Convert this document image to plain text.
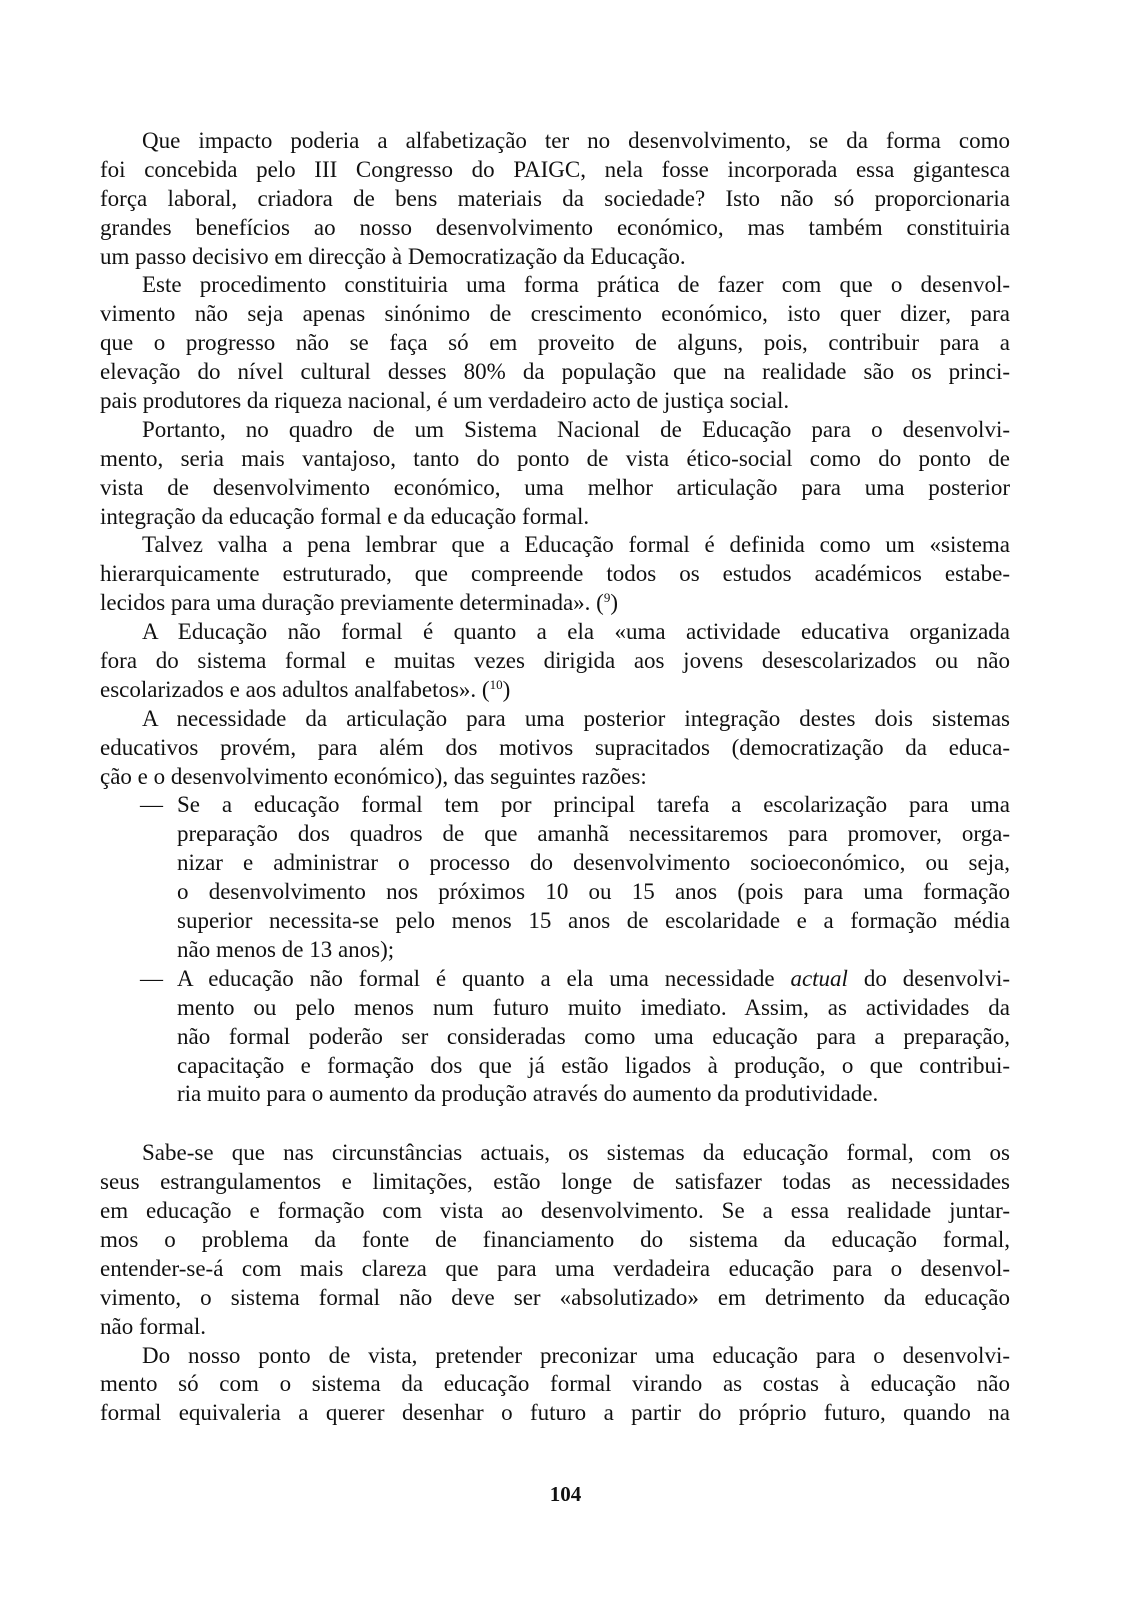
Que impacto poderia a alfabetização ter no desenvolvimento, se da forma como
foi concebida pelo III Congresso do PAIGC, nela fosse incorporada essa gigantesca
força laboral, criadora de bens materiais da sociedade? Isto não só proporcionaria
grandes benefícios ao nosso desenvolvimento económico, mas também constituiria
um passo decisivo em direcção à Democratização da Educação.
Este procedimento constituiria uma forma prática de fazer com que o desenvol-
vimento não seja apenas sinónimo de crescimento económico, isto quer dizer, para
que o progresso não se faça só em proveito de alguns, pois, contribuir para a
elevação do nível cultural desses 80% da população que na realidade são os princi-
pais produtores da riqueza nacional, é um verdadeiro acto de justiça social.
Portanto, no quadro de um Sistema Nacional de Educação para o desenvolvi-
mento, seria mais vantajoso, tanto do ponto de vista ético-social como do ponto de
vista de desenvolvimento económico, uma melhor articulação para uma posterior
integração da educação formal e da educação formal.
Talvez valha a pena lembrar que a Educação formal é definida como um «sistema
hierarquicamente estruturado, que compreende todos os estudos académicos estabe-
lecidos para uma duração previamente determinada». ($^9$)
A Educação não formal é quanto a ela «uma actividade educativa organizada
fora do sistema formal e muitas vezes dirigida aos jovens desescolarizados ou não
escolarizados e aos adultos analfabetos». ($^{10}$)
A necessidade da articulação para uma posterior integração destes dois sistemas
educativos provém, para além dos motivos supracitados (democratização da educa-
ção e o desenvolvimento económico), das seguintes razões:
— Se a educação formal tem por principal tarefa a escolarização para uma
preparação dos quadros de que amanhã necessitaremos para promover, orga-
nizar e administrar o processo do desenvolvimento socioeconómico, ou seja,
o desenvolvimento nos próximos 10 ou 15 anos (pois para uma formação
superior necessita-se pelo menos 15 anos de escolaridade e a formação média
não menos de 13 anos);
— A educação não formal é quanto a ela uma necessidade actual do desenvolvi-
mento ou pelo menos num futuro muito imediato. Assim, as actividades da
não formal poderão ser consideradas como uma educação para a preparação,
capacitação e formação dos que já estão ligados à produção, o que contribui-
ria muito para o aumento da produção através do aumento da produtividade.
Sabe-se que nas circunstâncias actuais, os sistemas da educação formal, com os
seus estrangulamentos e limitações, estão longe de satisfazer todas as necessidades
em educação e formação com vista ao desenvolvimento. Se a essa realidade juntar-
mos o problema da fonte de financiamento do sistema da educação formal,
entender-se-á com mais clareza que para uma verdadeira educação para o desenvol-
vimento, o sistema formal não deve ser «absolutizado» em detrimento da educação
não formal.
Do nosso ponto de vista, pretender preconizar uma educação para o desenvolvi-
mento só com o sistema da educação formal virando as costas à educação não
formal equivaleria a querer desenhar o futuro a partir do próprio futuro, quando na
104
